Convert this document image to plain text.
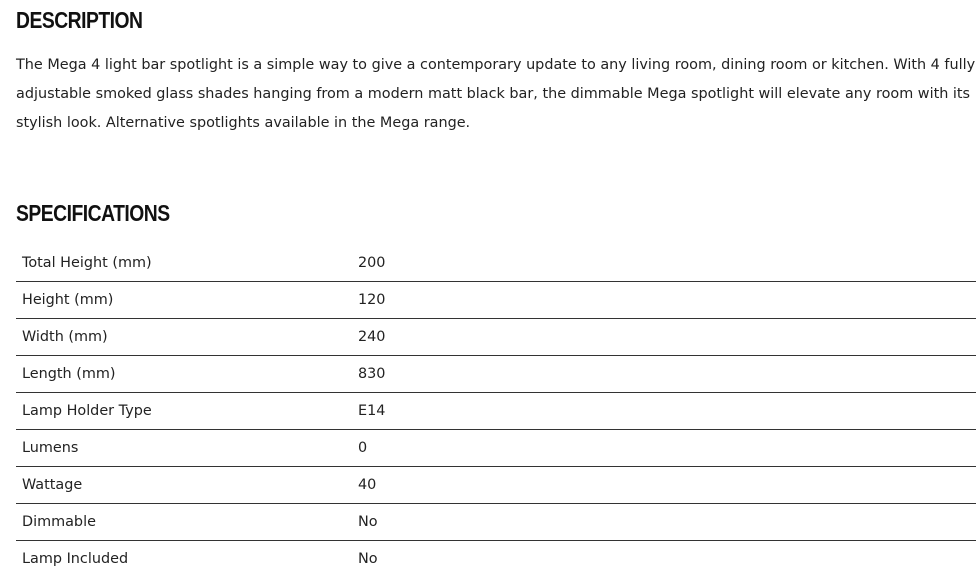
DESCRIPTION

The Mega 4 light bar spotlight is a simple way to give a contemporary update to any living room, dining room or kitchen. With 4 fully adjustable smoked glass shades hanging from a modern matt black bar, the dimmable Mega spotlight will elevate any room with its stylish look. Alternative spotlights available in the Mega range.

SPECIFICATIONS
Total Height (mm)	200
Height (mm)	120
Width (mm)	240
Length (mm)	830
Lamp Holder Type	E14
Lumens	0
Wattage	40
Dimmable	No
Lamp Included	No
